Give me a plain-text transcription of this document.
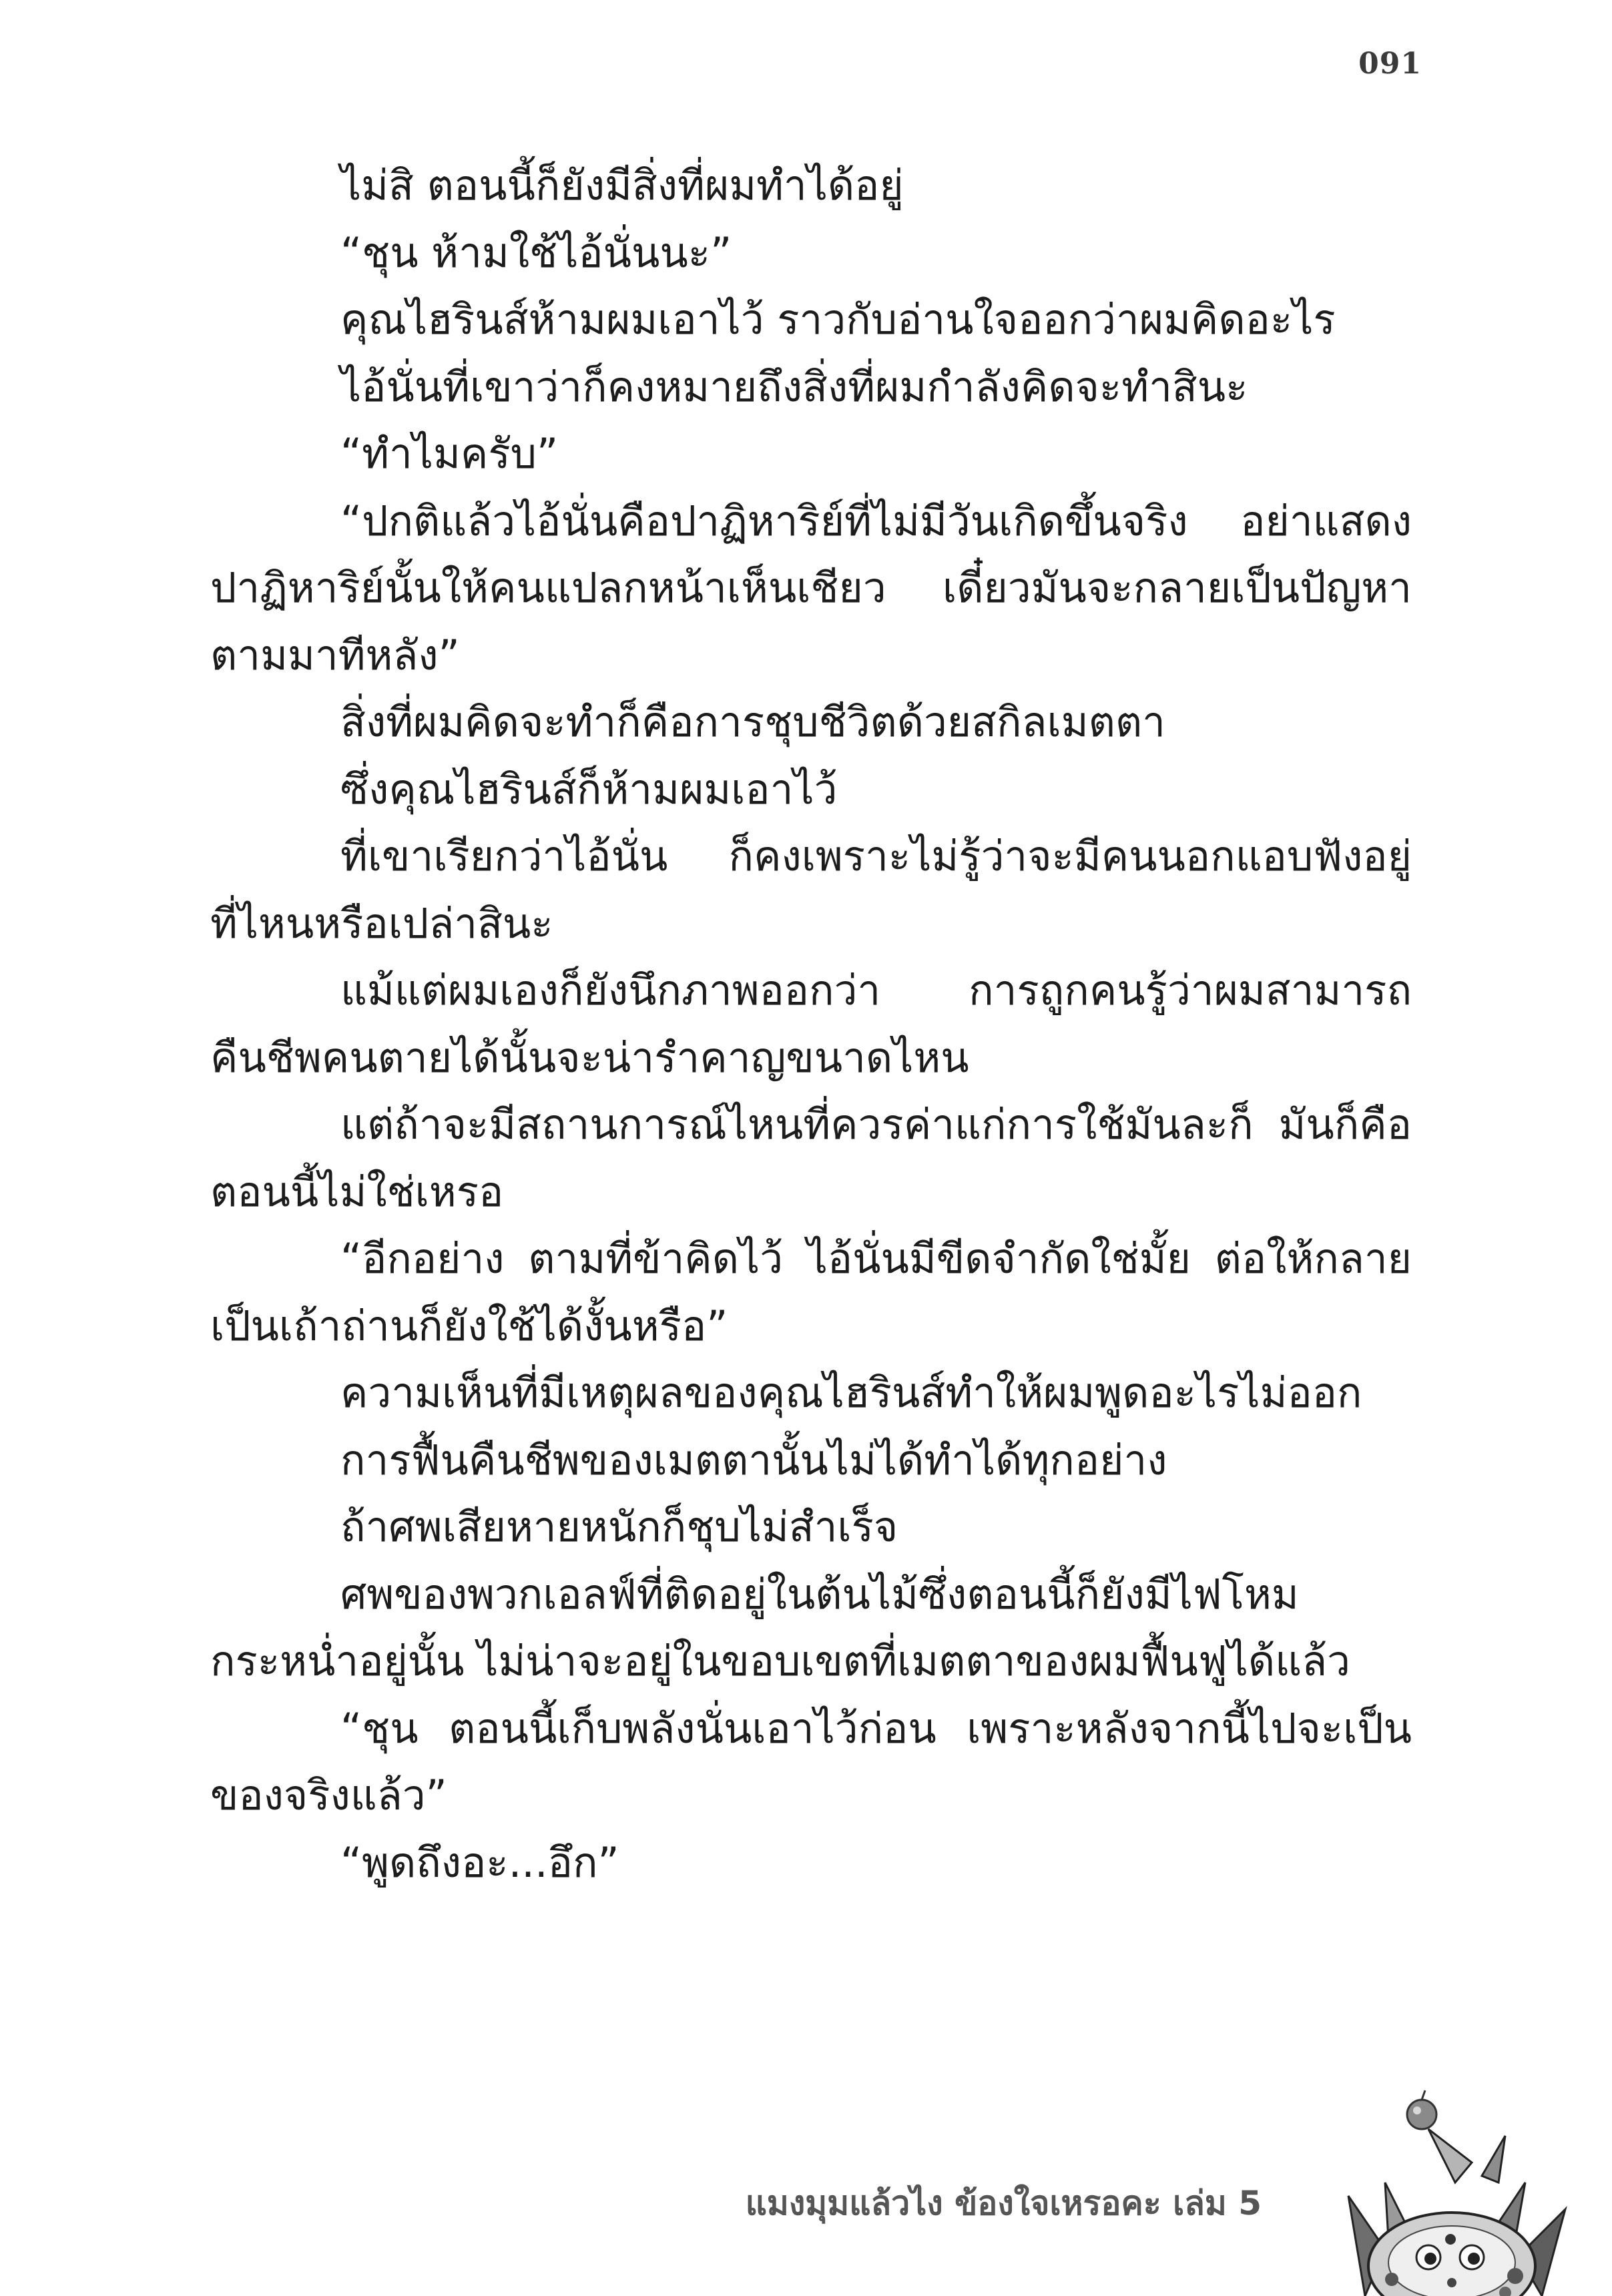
091

ไม่สิ ตอนนี้ก็ยังมีสิ่งที่ผมทำได้อยู่

“ชุน ห้ามใช้ไอ้นั่นนะ”

คุณไฮรินส์ห้ามผมเอาไว้ ราวกับอ่านใจออกว่าผมคิดอะไร

ไอ้นั่นที่เขาว่าก็คงหมายถึงสิ่งที่ผมกำลังคิดจะทำสินะ

“ทำไมครับ”

“ปกติแล้วไอ้นั่นคือปาฏิหาริย์ที่ไม่มีวันเกิดขึ้นจริง อย่าแสดงปาฏิหาริย์นั้นให้คนแปลกหน้าเห็นเชียว เดี๋ยวมันจะกลายเป็นปัญหาตามมาทีหลัง”

สิ่งที่ผมคิดจะทำก็คือการชุบชีวิตด้วยสกิลเมตตา

ซึ่งคุณไฮรินส์ก็ห้ามผมเอาไว้

ที่เขาเรียกว่าไอ้นั่น ก็คงเพราะไม่รู้ว่าจะมีคนนอกแอบฟังอยู่ที่ไหนหรือเปล่าสินะ

แม้แต่ผมเองก็ยังนึกภาพออกว่า การถูกคนรู้ว่าผมสามารถคืนชีพคนตายได้นั้นจะน่ารำคาญขนาดไหน

แต่ถ้าจะมีสถานการณ์ไหนที่ควรค่าแก่การใช้มันละก็ มันก็คือตอนนี้ไม่ใช่เหรอ

“อีกอย่าง ตามที่ข้าคิดไว้ ไอ้นั่นมีขีดจำกัดใช่มั้ย ต่อให้กลายเป็นเถ้าถ่านก็ยังใช้ได้งั้นหรือ”

ความเห็นที่มีเหตุผลของคุณไฮรินส์ทำให้ผมพูดอะไรไม่ออก

การฟื้นคืนชีพของเมตตานั้นไม่ได้ทำได้ทุกอย่าง

ถ้าศพเสียหายหนักก็ชุบไม่สำเร็จ

ศพของพวกเอลฟ์ที่ติดอยู่ในต้นไม้ซึ่งตอนนี้ก็ยังมีไฟโหมกระหน่ำอยู่นั้น ไม่น่าจะอยู่ในขอบเขตที่เมตตาของผมฟื้นฟูได้แล้ว

“ชุน ตอนนี้เก็บพลังนั่นเอาไว้ก่อน เพราะหลังจากนี้ไปจะเป็นของจริงแล้ว”

“พูดถึงอะ...อึก”

แมงมุมแล้วไง ข้องใจเหรอคะ เล่ม 5
